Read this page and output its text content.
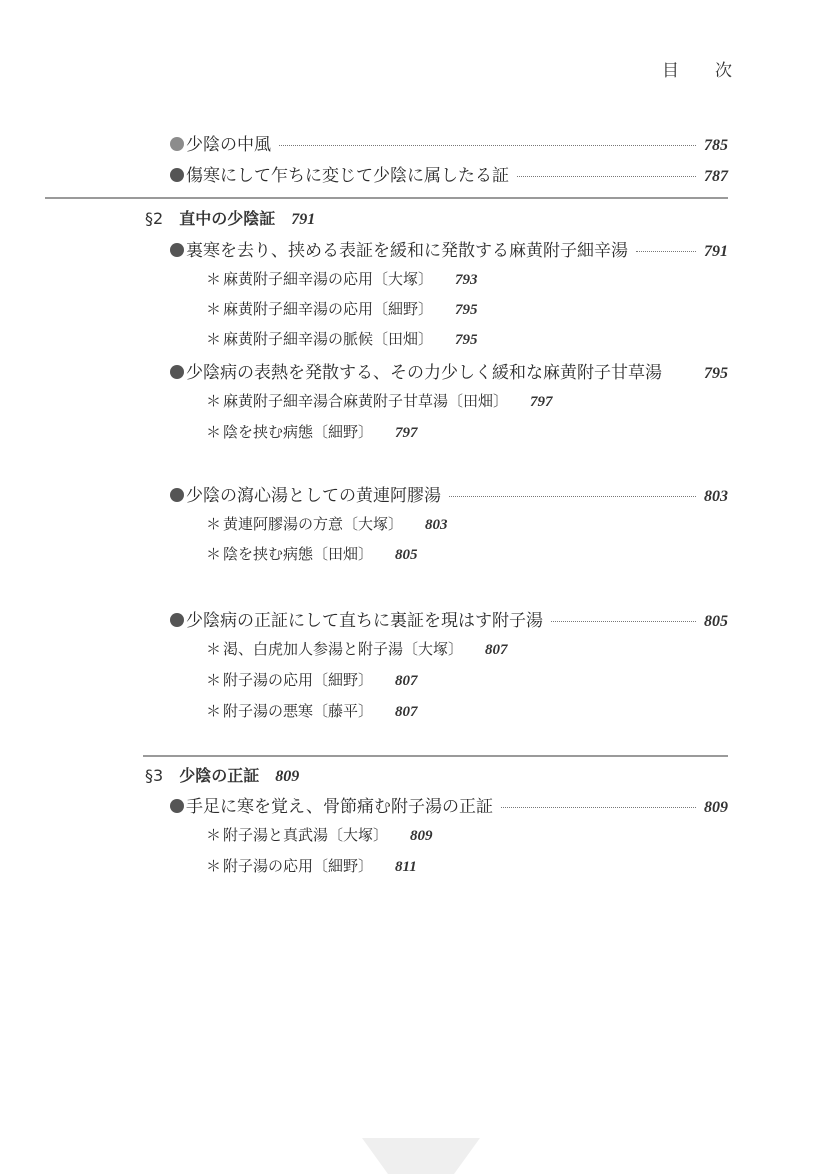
目 次
少陰の中風	785
傷寒にして乍ちに変じて少陰に属したる証	787
§2 直中の少陰証 791
裏寒を去り、挟める表証を緩和に発散する麻黄附子細辛湯	791
＊ 麻黄附子細辛湯の応用〔大塚〕 793
＊ 麻黄附子細辛湯の応用〔細野〕 795
＊ 麻黄附子細辛湯の脈候〔田畑〕 795
少陰病の表熱を発散する、その力少しく緩和な麻黄附子甘草湯	795
＊ 麻黄附子細辛湯合麻黄附子甘草湯〔田畑〕 797
＊ 陰を挟む病態〔細野〕 797
少陰の瀉心湯としての黄連阿膠湯	803
＊ 黄連阿膠湯の方意〔大塚〕 803
＊ 陰を挟む病態〔田畑〕 805
少陰病の正証にして直ちに裏証を現はす附子湯	805
＊ 渇、白虎加人参湯と附子湯〔大塚〕 807
＊ 附子湯の応用〔細野〕 807
＊ 附子湯の悪寒〔藤平〕 807
§3 少陰の正証 809
手足に寒を覚え、骨節痛む附子湯の正証	809
＊ 附子湯と真武湯〔大塚〕 809
＊ 附子湯の応用〔細野〕 811
